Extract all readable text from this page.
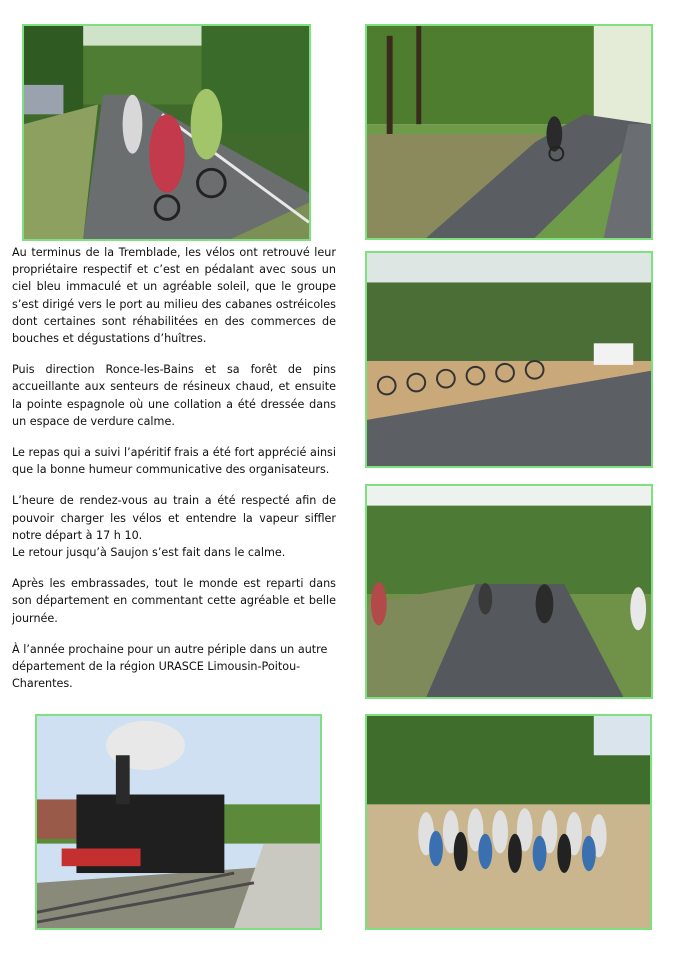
Au terminus de la Tremblade, les vélos ont retrouvé leur propriétaire respectif et c’est en pédalant avec sous un ciel bleu immaculé et un agréable soleil, que le groupe s’est dirigé vers le port au milieu des cabanes ostréicoles dont certaines sont réhabilitées en des commerces de bouches et dégustations d’huîtres.

Puis direction Ronce-les-Bains et sa forêt de pins accueillante aux senteurs de résineux chaud, et ensuite la pointe espagnole où une collation a été dressée dans un espace de verdure calme.

Le repas qui a suivi l’apéritif frais a été fort apprécié ainsi que la bonne humeur communicative des organisateurs.

L’heure de rendez-vous au train a été respecté afin de pouvoir charger les vélos et entendre la vapeur siffler notre départ à 17 h 10.

Le retour jusqu’à Saujon s’est fait dans le calme.

Après les embrassades, tout le monde est reparti dans son département en commentant cette agréable et belle journée.

À l’année prochaine pour un autre périple dans un autre département de la région URASCE Limousin-Poitou-Charentes.
